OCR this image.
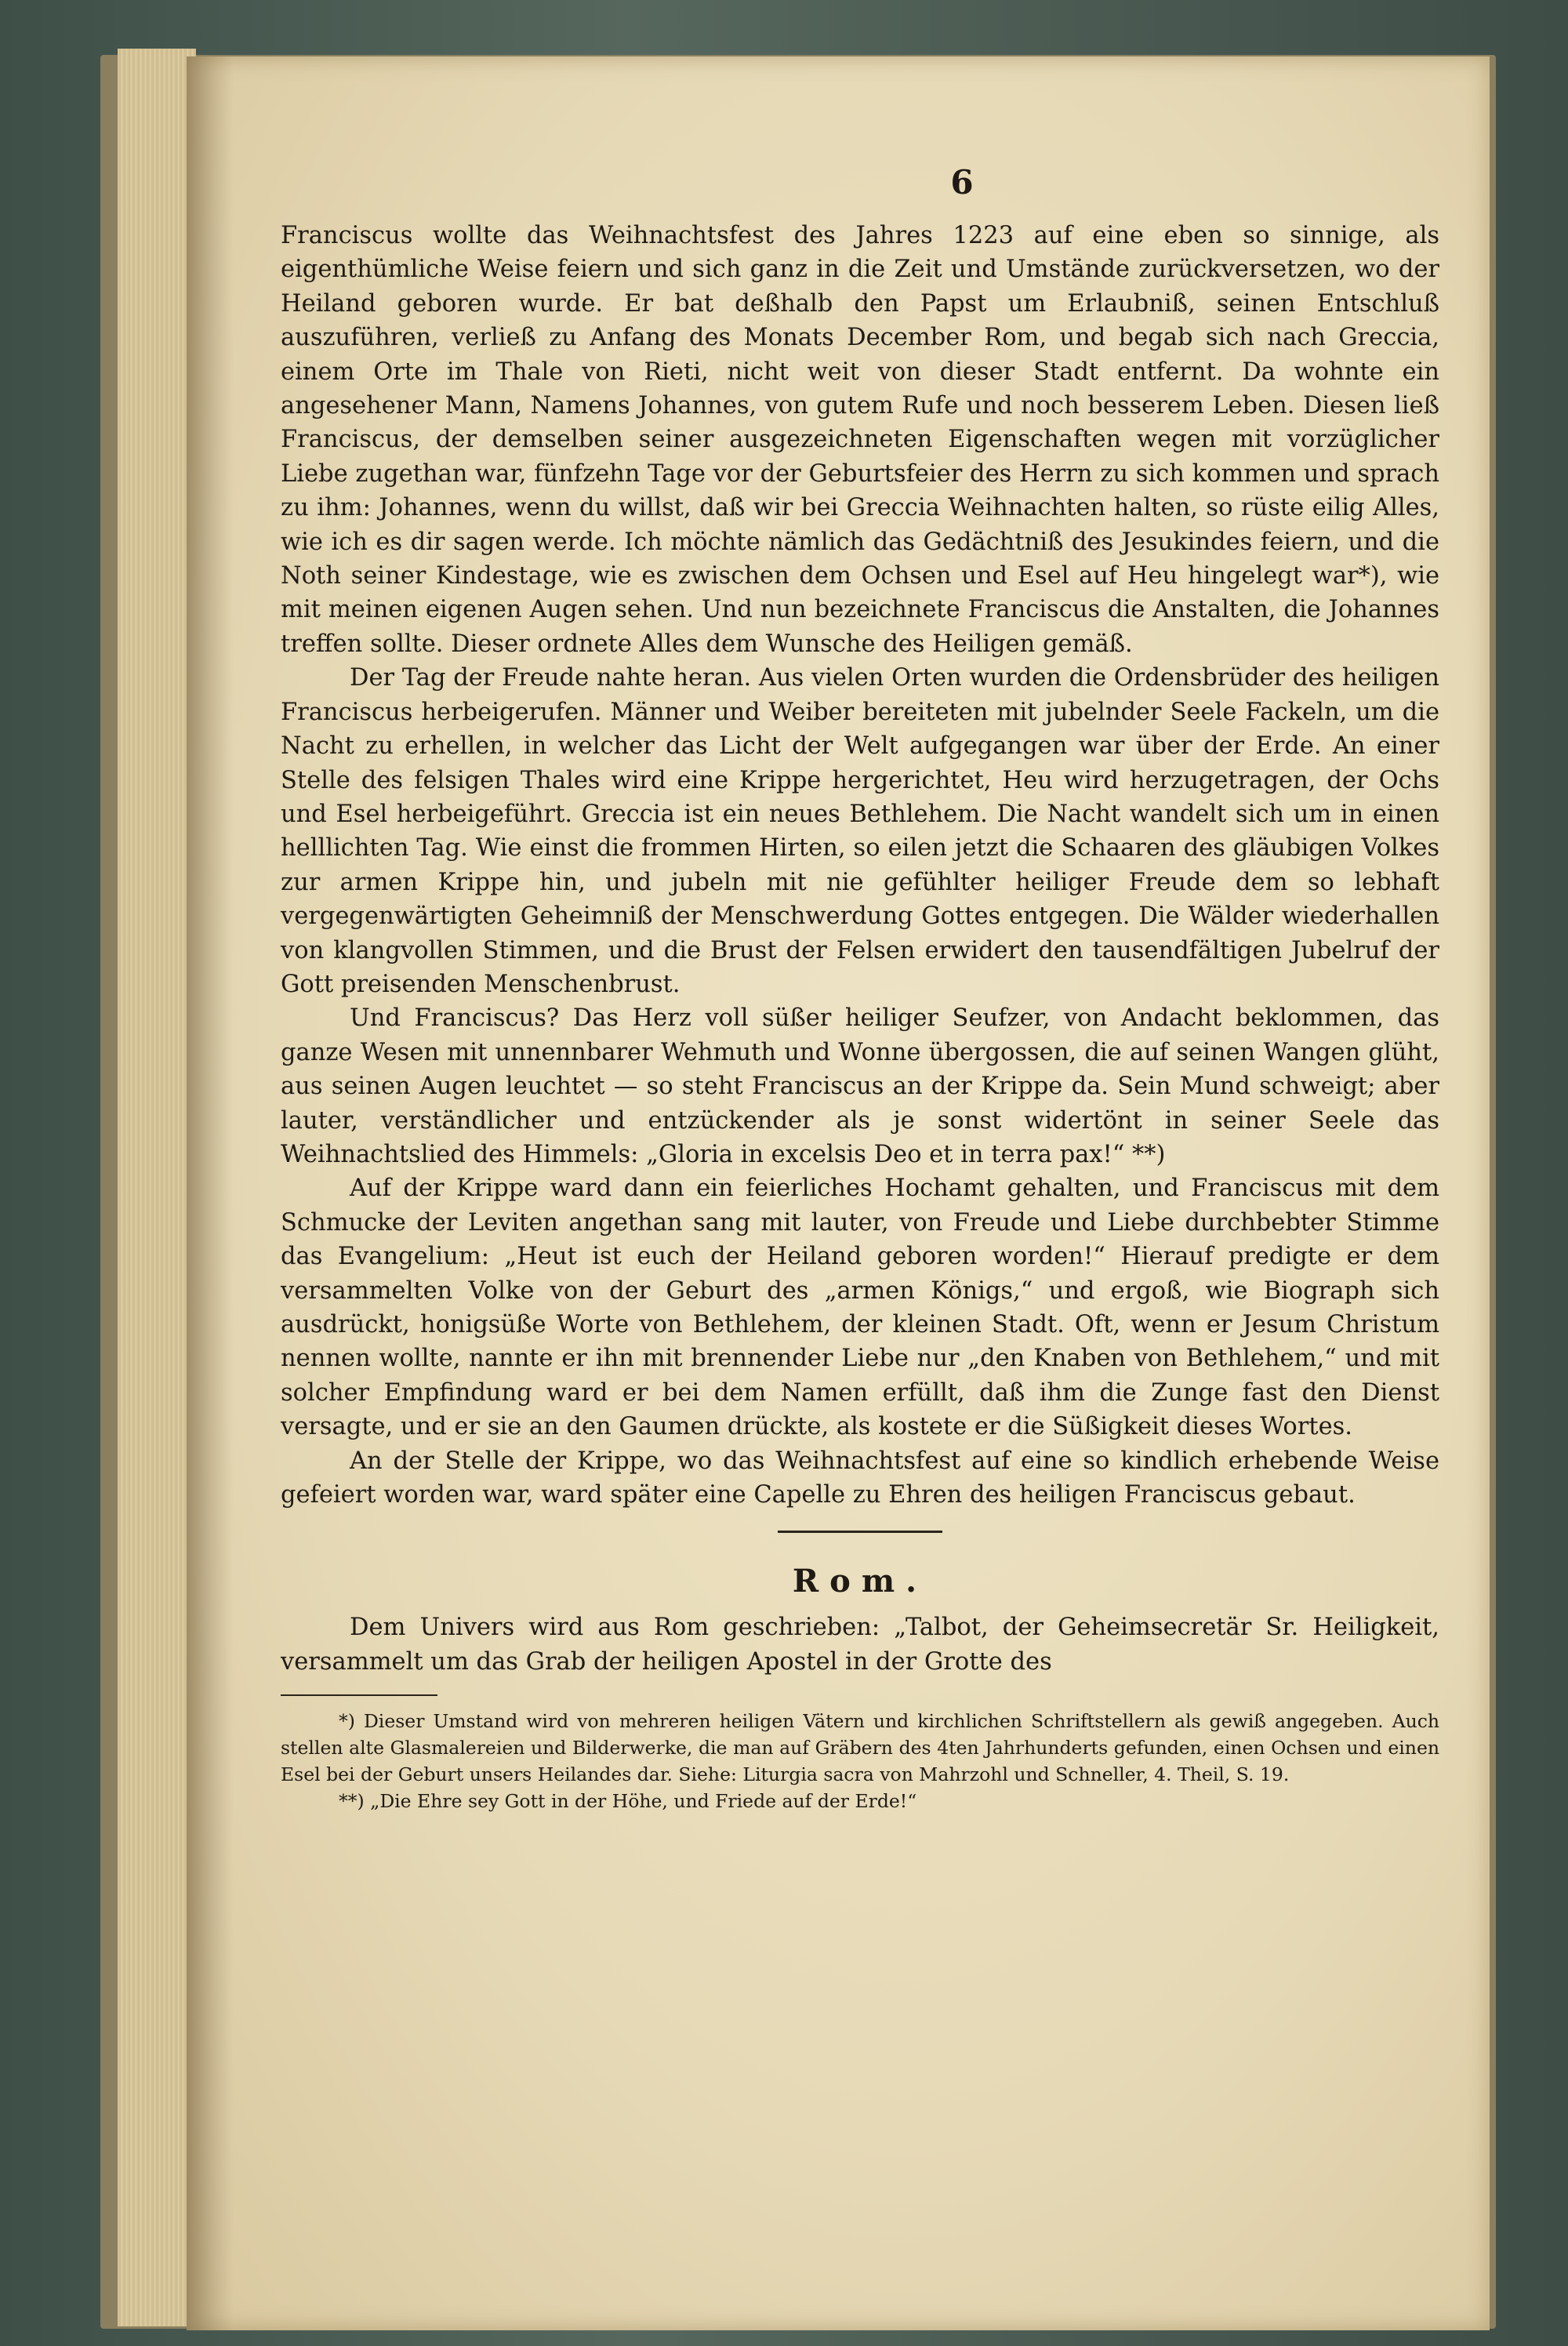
6

Franciscus wollte das Weihnachtsfest des Jahres 1223 auf eine eben so sinnige, als eigenthümliche Weise feiern und sich ganz in die Zeit und Umstände zurückversetzen, wo der Heiland geboren wurde. Er bat deßhalb den Papst um Erlaubniß, seinen Entschluß auszuführen, verließ zu Anfang des Monats December Rom, und begab sich nach Greccia, einem Orte im Thale von Rieti, nicht weit von dieser Stadt entfernt. Da wohnte ein angesehener Mann, Namens Johannes, von gutem Rufe und noch besserem Leben. Diesen ließ Franciscus, der demselben seiner ausgezeichneten Eigenschaften wegen mit vorzüglicher Liebe zugethan war, fünfzehn Tage vor der Geburtsfeier des Herrn zu sich kommen und sprach zu ihm: Johannes, wenn du willst, daß wir bei Greccia Weihnachten halten, so rüste eilig Alles, wie ich es dir sagen werde. Ich möchte nämlich das Gedächtniß des Jesukindes feiern, und die Noth seiner Kindestage, wie es zwischen dem Ochsen und Esel auf Heu hingelegt war*), wie mit meinen eigenen Augen sehen. Und nun bezeichnete Franciscus die Anstalten, die Johannes treffen sollte. Dieser ordnete Alles dem Wunsche des Heiligen gemäß.

Der Tag der Freude nahte heran. Aus vielen Orten wurden die Ordensbrüder des heiligen Franciscus herbeigerufen. Männer und Weiber bereiteten mit jubelnder Seele Fackeln, um die Nacht zu erhellen, in welcher das Licht der Welt aufgegangen war über der Erde. An einer Stelle des felsigen Thales wird eine Krippe hergerichtet, Heu wird herzugetragen, der Ochs und Esel herbeigeführt. Greccia ist ein neues Bethlehem. Die Nacht wandelt sich um in einen helllichten Tag. Wie einst die frommen Hirten, so eilen jetzt die Schaaren des gläubigen Volkes zur armen Krippe hin, und jubeln mit nie gefühlter heiliger Freude dem so lebhaft vergegenwärtigten Geheimniß der Menschwerdung Gottes entgegen. Die Wälder wiederhallen von klangvollen Stimmen, und die Brust der Felsen erwidert den tausendfältigen Jubelruf der Gott preisenden Menschenbrust.

Und Franciscus? Das Herz voll süßer heiliger Seufzer, von Andacht beklommen, das ganze Wesen mit unnennbarer Wehmuth und Wonne übergossen, die auf seinen Wangen glüht, aus seinen Augen leuchtet — so steht Franciscus an der Krippe da. Sein Mund schweigt; aber lauter, verständlicher und entzückender als je sonst widertönt in seiner Seele das Weihnachtslied des Himmels: „Gloria in excelsis Deo et in terra pax!“ **)

Auf der Krippe ward dann ein feierliches Hochamt gehalten, und Franciscus mit dem Schmucke der Leviten angethan sang mit lauter, von Freude und Liebe durchbebter Stimme das Evangelium: „Heut ist euch der Heiland geboren worden!“ Hierauf predigte er dem versammelten Volke von der Geburt des „armen Königs,“ und ergoß, wie Biograph sich ausdrückt, honigsüße Worte von Bethlehem, der kleinen Stadt. Oft, wenn er Jesum Christum nennen wollte, nannte er ihn mit brennender Liebe nur „den Knaben von Bethlehem,“ und mit solcher Empfindung ward er bei dem Namen erfüllt, daß ihm die Zunge fast den Dienst versagte, und er sie an den Gaumen drückte, als kostete er die Süßigkeit dieses Wortes.

An der Stelle der Krippe, wo das Weihnachtsfest auf eine so kindlich erhebende Weise gefeiert worden war, ward später eine Capelle zu Ehren des heiligen Franciscus gebaut.

Rom.

Dem Univers wird aus Rom geschrieben: „Talbot, der Geheimsecretär Sr. Heiligkeit, versammelt um das Grab der heiligen Apostel in der Grotte des

*) Dieser Umstand wird von mehreren heiligen Vätern und kirchlichen Schriftstellern als gewiß angegeben. Auch stellen alte Glasmalereien und Bilderwerke, die man auf Gräbern des 4ten Jahrhunderts gefunden, einen Ochsen und einen Esel bei der Geburt unsers Heilandes dar. Siehe: Liturgia sacra von Mahrzohl und Schneller, 4. Theil, S. 19.

**) „Die Ehre sey Gott in der Höhe, und Friede auf der Erde!“
